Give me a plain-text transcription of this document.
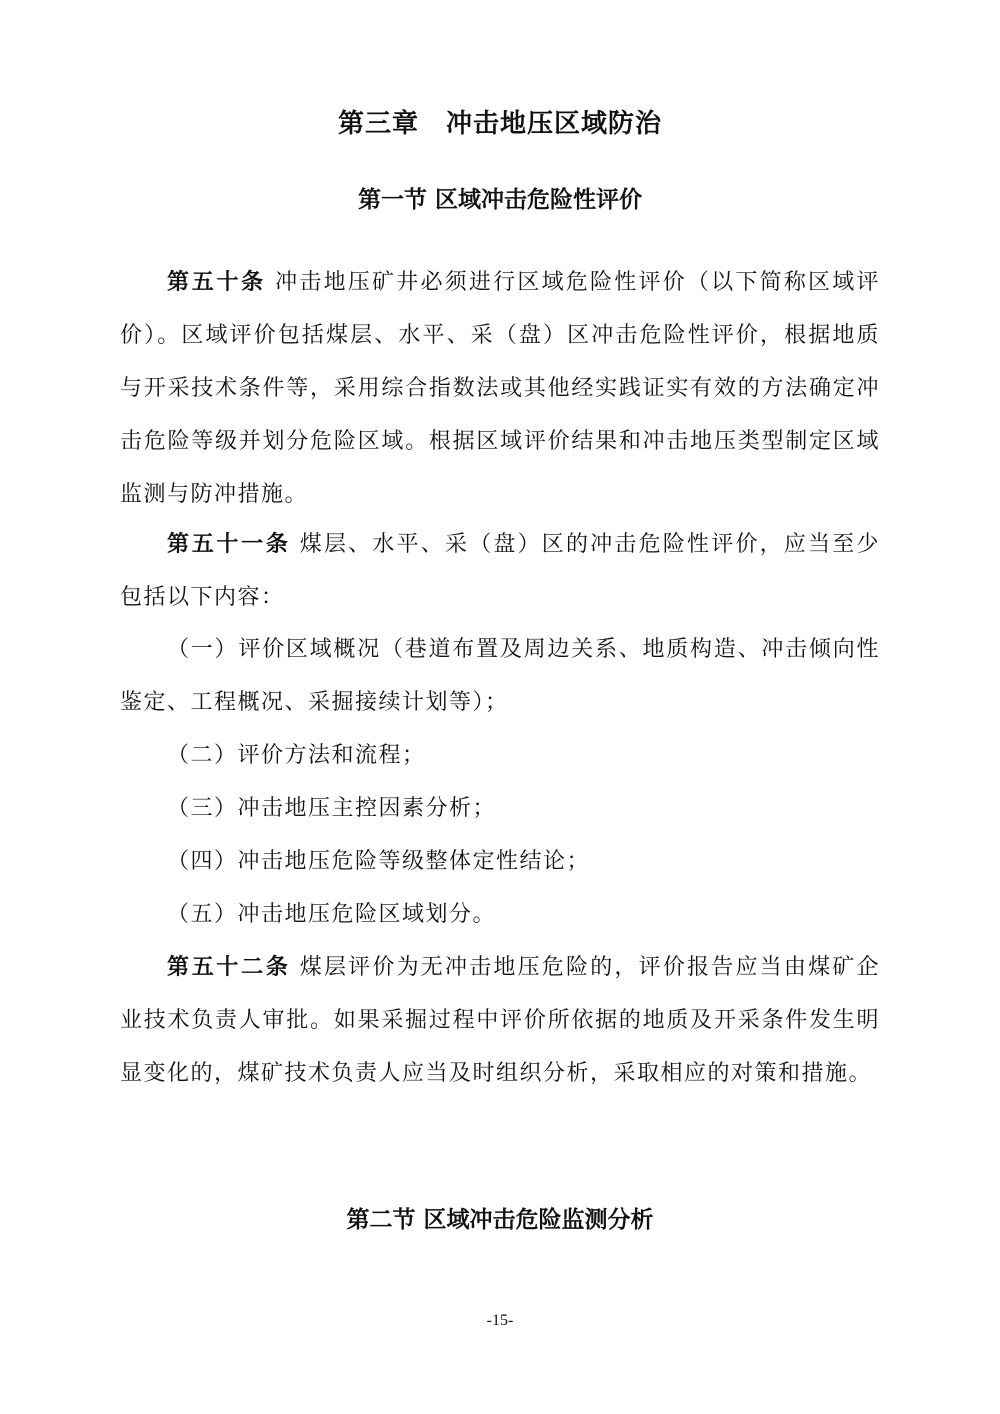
第三章　冲击地压区域防治
第一节 区域冲击危险性评价
第五十条 冲击地压矿井必须进行区域危险性评价（以下简称区域评价）。区域评价包括煤层、水平、采（盘）区冲击危险性评价，根据地质与开采技术条件等，采用综合指数法或其他经实践证实有效的方法确定冲击危险等级并划分危险区域。根据区域评价结果和冲击地压类型制定区域监测与防冲措施。
第五十一条 煤层、水平、采（盘）区的冲击危险性评价，应当至少包括以下内容：
（一）评价区域概况（巷道布置及周边关系、地质构造、冲击倾向性鉴定、工程概况、采掘接续计划等）；
（二）评价方法和流程；
（三）冲击地压主控因素分析；
（四）冲击地压危险等级整体定性结论；
（五）冲击地压危险区域划分。
第五十二条 煤层评价为无冲击地压危险的，评价报告应当由煤矿企业技术负责人审批。如果采掘过程中评价所依据的地质及开采条件发生明显变化的，煤矿技术负责人应当及时组织分析，采取相应的对策和措施。
第二节 区域冲击危险监测分析
-15-
